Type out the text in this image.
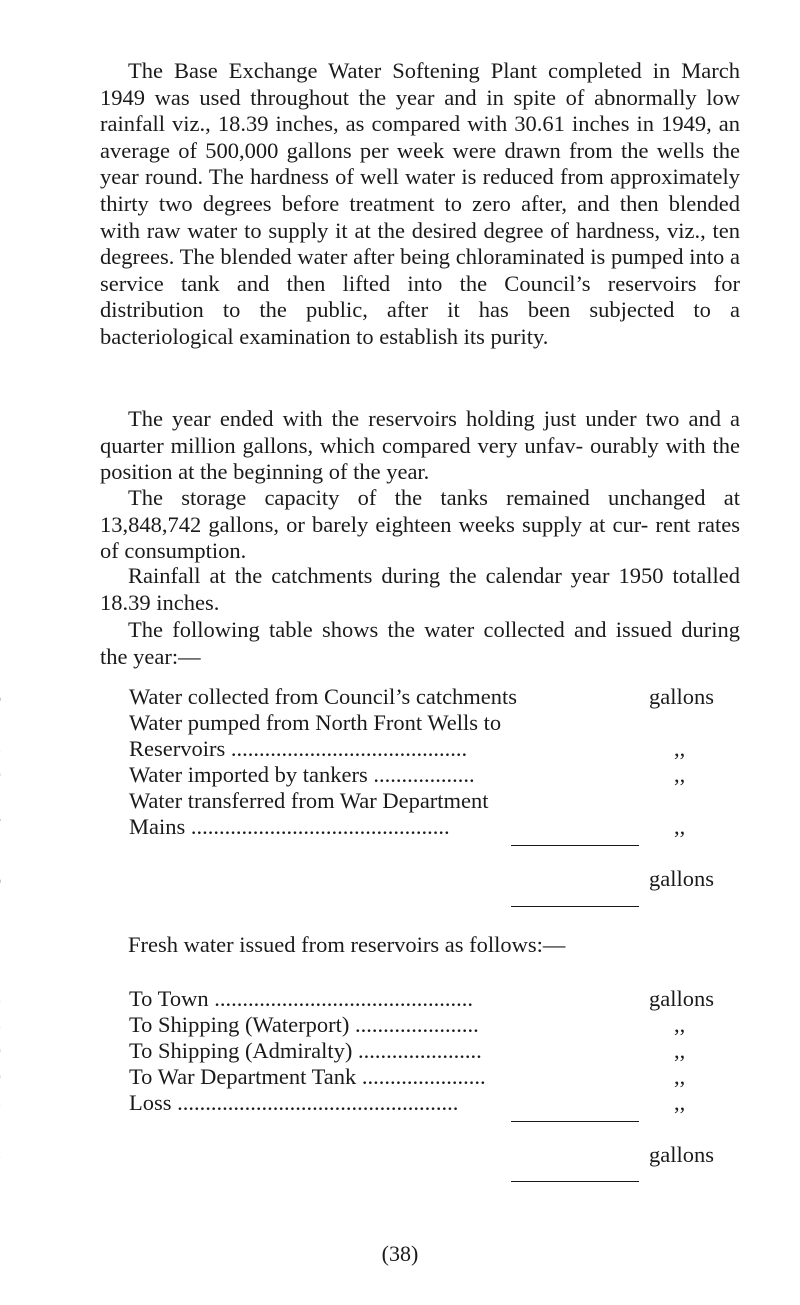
The Base Exchange Water Softening Plant completed in March 1949 was used throughout the year and in spite of abnormally low rainfall viz., 18.39 inches, as compared with 30.61 inches in 1949, an average of 500,000 gallons per week were drawn from the wells the year round. The hardness of well water is reduced from approximately thirty two degrees before treatment to zero after, and then blended with raw water to supply it at the desired degree of hardness, viz., ten degrees. The blended water after being chloraminated is pumped into a service tank and then lifted into the Council’s reservoirs for distribution to the public, after it has been subjected to a bacteriological examination to establish its purity.

The year ended with the reservoirs holding just under two and a quarter million gallons, which compared very unfav- ourably with the position at the beginning of the year.

The storage capacity of the tanks remained unchanged at 13,848,742 gallons, or barely eighteen weeks supply at cur- rent rates of consumption.

Rainfall at the catchments during the calendar year 1950 totalled 18.39 inches.

The following table shows the water collected and issued during the year:—

Water collected from Council’s catchments	gallons
Water pumped from North Front Wells to
Reservoirs ..........................................	,,
Water imported by tankers ..................	,,
Water transferred from War Department
Mains ..............................................	,,
gallons

Fresh water issued from reservoirs as follows:—

To Town ..............................................	gallons
To Shipping (Waterport) ......................	,,
To Shipping (Admiralty) ......................	,,
To War Department Tank ......................	,,
Loss ..................................................	,,
gallons
(38)
